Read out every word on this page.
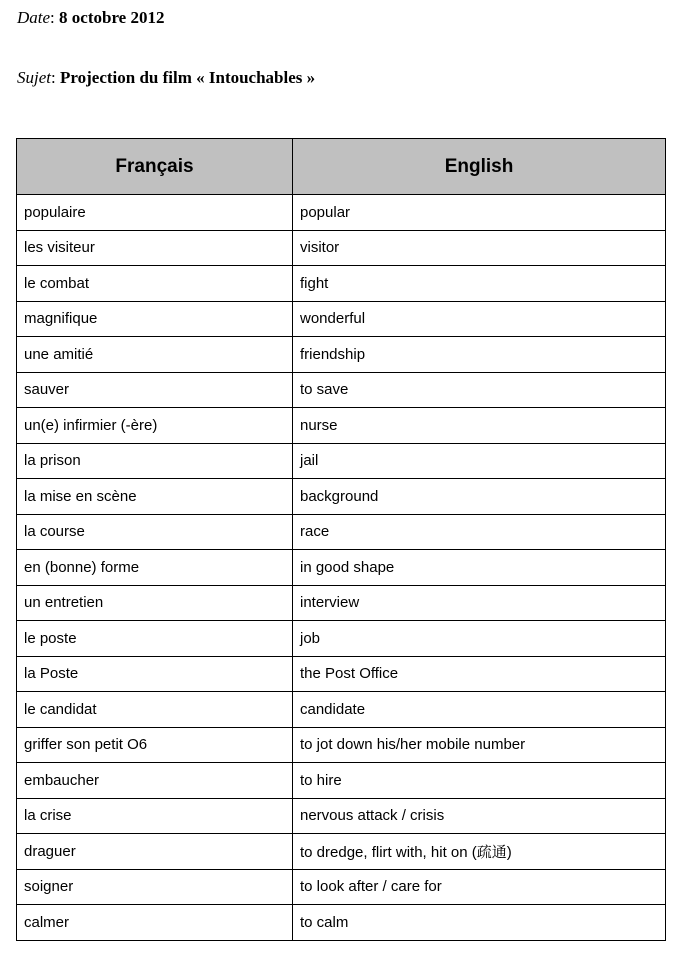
Date: 8 octobre 2012
Sujet: Projection du film « Intouchables »
Français	English
populaire	popular
les visiteur	visitor
le combat	fight
magnifique	wonderful
une amitié	friendship
sauver	to save
un(e) infirmier (-ère)	nurse
la prison	jail
la mise en scène	background
la course	race
en (bonne) forme	in good shape
un entretien	interview
le poste	job
la Poste	the Post Office
le candidat	candidate
griffer son petit O6	to jot down his/her mobile number
embaucher	to hire
la crise	nervous attack / crisis
draguer	to dredge, flirt with, hit on (疏通)
soigner	to look after / care for
calmer	to calm
